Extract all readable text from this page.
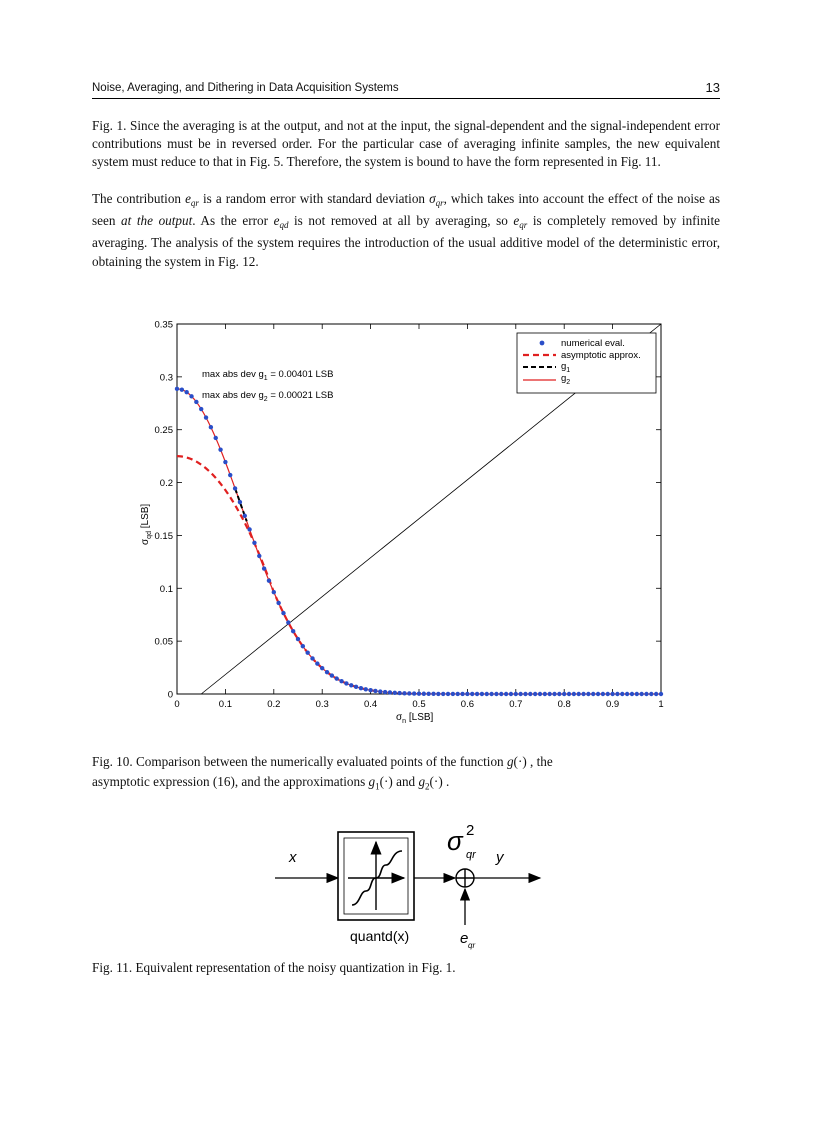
Noise, Averaging, and Dithering in Data Acquisition Systems	13

Fig. 1. Since the averaging is at the output, and not at the input, the signal-dependent and the signal-independent error contributions must be in reversed order. For the particular case of averaging infinite samples, the new equivalent system must reduce to that in Fig. 5. Therefore, the system is bound to have the form represented in Fig. 11.

The contribution $e_{qr}$ is a random error with standard deviation $\sigma_{qr}$, which takes into account the effect of the noise as seen at the output. As the error $e_{qd}$ is not removed at all by averaging, so $e_{qr}$ is completely removed by infinite averaging. The analysis of the system requires the introduction of the usual additive model of the deterministic error, obtaining the system in Fig. 12.

0	0.1	0.2	0.3	0.4	0.5	0.6	0.7	0.8	0.9	1
0
0.05
0.1
0.15
0.2
0.25
0.3
0.35
$\sigma_n$ [LSB]
$\sigma_{qd}$ [LSB]
max abs dev $g_1 = 0.00401$ LSB
max abs dev $g_2 = 0.00021$ LSB
numerical eval.
asymptotic approx.
$g_1$
$g_2$

Fig. 10. Comparison between the numerically evaluated points of the function g(·) , the
asymptotic expression (16), and the approximations $g_1(\cdot)$ and $g_2(\cdot)$ .

x
quantd(x)
y
σ 2
qr
e qr

Fig. 11. Equivalent representation of the noisy quantization in Fig. 1.
